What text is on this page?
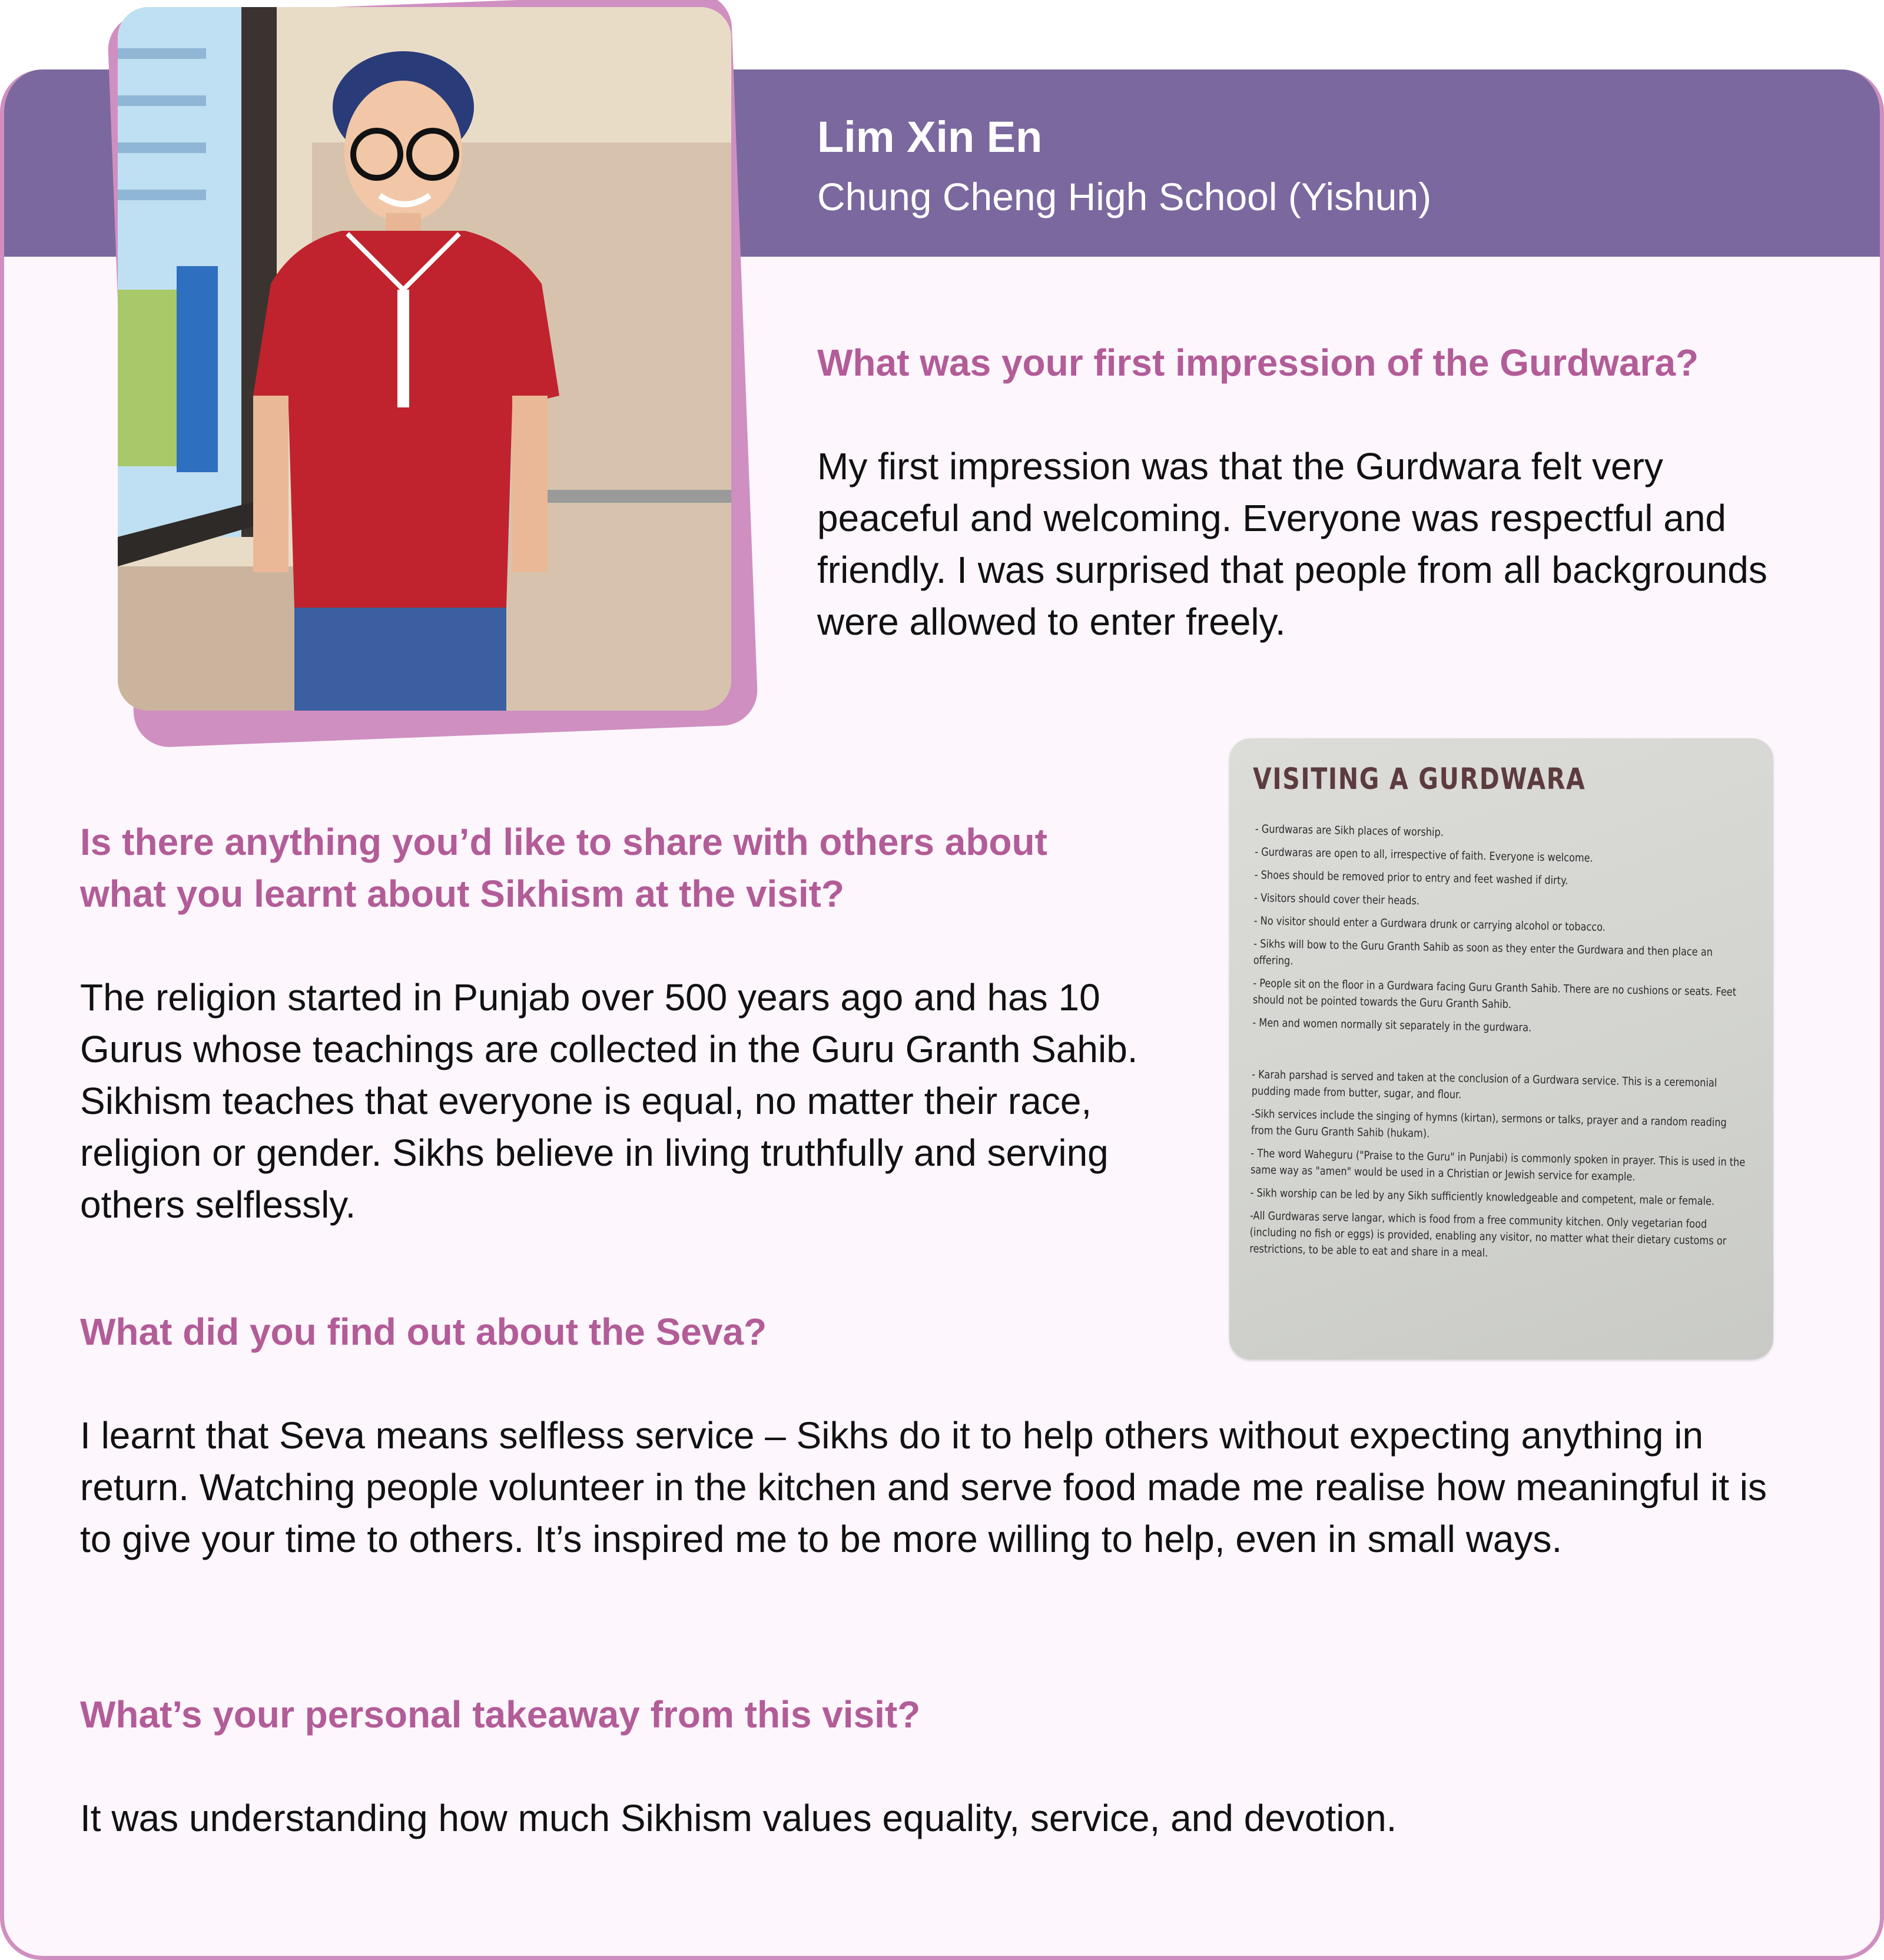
Lim Xin En
Chung Cheng High School (Yishun)
What was your first impression of the Gurdwara?
My first impression was that the Gurdwara felt very peaceful and welcoming. Everyone was respectful and friendly. I was surprised that people from all backgrounds were allowed to enter freely.
Is there anything you’d like to share with others about what you learnt about Sikhism at the visit?
The religion started in Punjab over 500 years ago and has 10 Gurus whose teachings are collected in the Guru Granth Sahib. Sikhism teaches that everyone is equal, no matter their race, religion or gender. Sikhs believe in living truthfully and serving others selflessly.
What did you find out about the Seva?
I learnt that Seva means selfless service – Sikhs do it to help others without expecting anything in return. Watching people volunteer in the kitchen and serve food made me realise how meaningful it is to give your time to others. It’s inspired me to be more willing to help, even in small ways.
What’s your personal takeaway from this visit?
It was understanding how much Sikhism values equality, service, and devotion.
VISITING A GURDWARA
- Gurdwaras are Sikh places of worship.
- Gurdwaras are open to all, irrespective of faith. Everyone is welcome.
- Shoes should be removed prior to entry and feet washed if dirty.
- Visitors should cover their heads.
- No visitor should enter a Gurdwara drunk or carrying alcohol or tobacco.
- Sikhs will bow to the Guru Granth Sahib as soon as they enter the Gurdwara and then place an offering.
- People sit on the floor in a Gurdwara facing Guru Granth Sahib. There are no cushions or seats. Feet should not be pointed towards the Guru Granth Sahib.
- Men and women normally sit separately in the gurdwara.
- Karah parshad is served and taken at the conclusion of a Gurdwara service. This is a ceremonial pudding made from butter, sugar, and flour.
-Sikh services include the singing of hymns (kirtan), sermons or talks, prayer and a random reading from the Guru Granth Sahib (hukam).
- The word Waheguru ("Praise to the Guru" in Punjabi) is commonly spoken in prayer. This is used in the same way as "amen" would be used in a Christian or Jewish service for example.
- Sikh worship can be led by any Sikh sufficiently knowledgeable and competent, male or female.
-All Gurdwaras serve langar, which is food from a free community kitchen. Only vegetarian food (including no fish or eggs) is provided, enabling any visitor, no matter what their dietary customs or restrictions, to be able to eat and share in a meal.
